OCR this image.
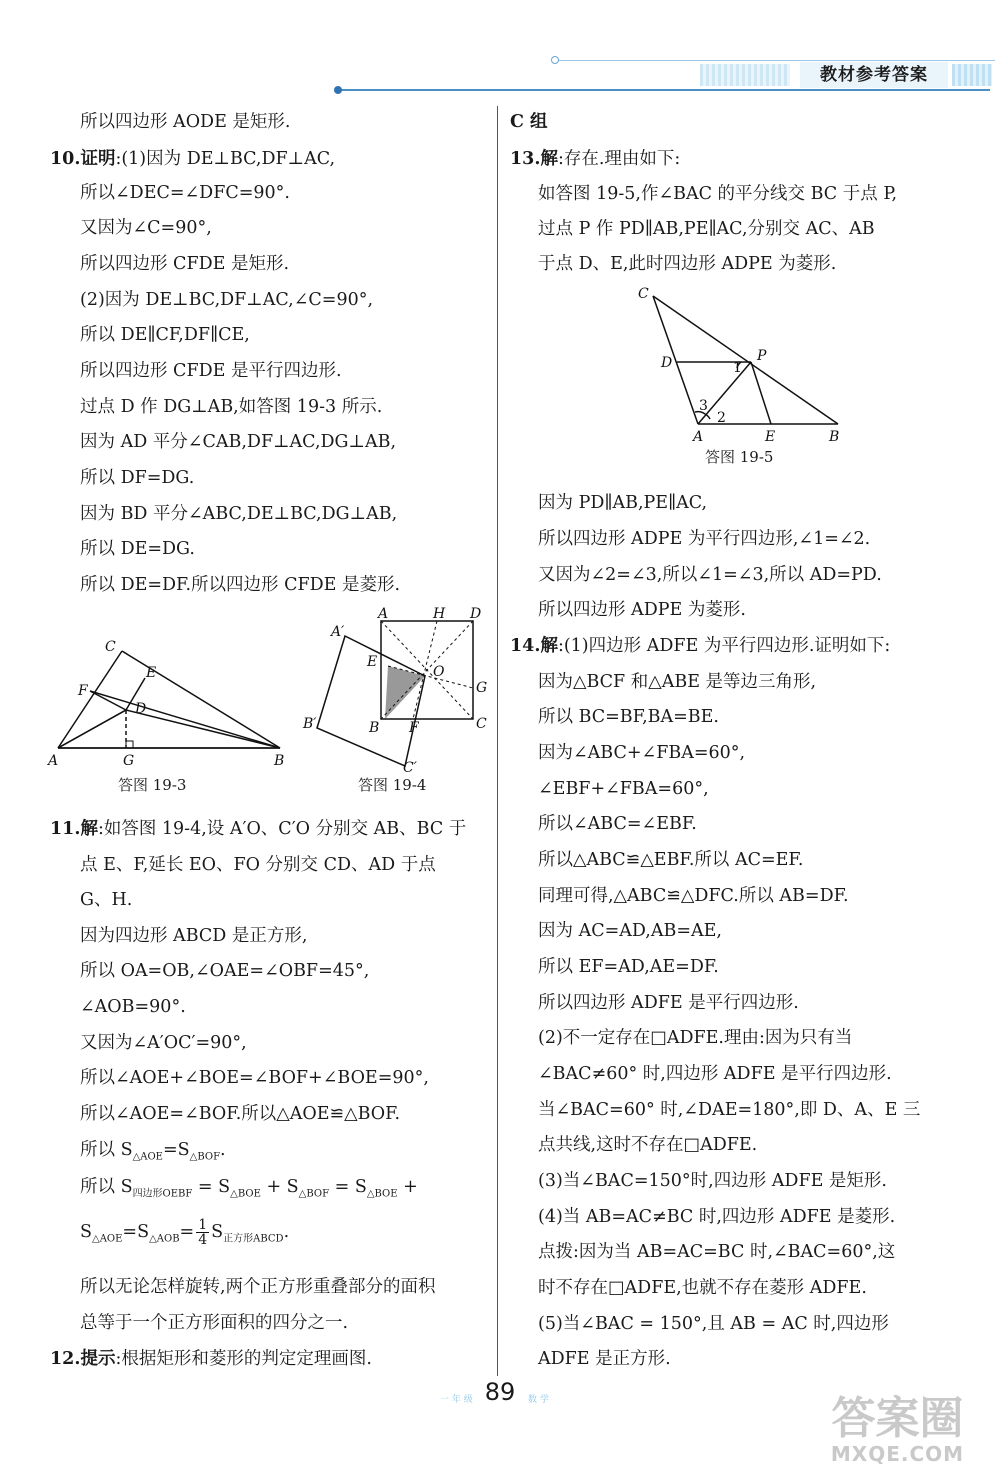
教材参考答案
所以四边形 AODE 是矩形.
10.证明:(1)因为 DE⊥BC,DF⊥AC,
所以∠DEC=∠DFC=90°.
又因为∠C=90°,
所以四边形 CFDE 是矩形.
(2)因为 DE⊥BC,DF⊥AC,∠C=90°,
所以 DE∥CF,DF∥CE,
所以四边形 CFDE 是平行四边形.
过点 D 作 DG⊥AB,如答图 19-3 所示.
因为 AD 平分∠CAB,DF⊥AC,DG⊥AB,
所以 DF=DG.
因为 BD 平分∠ABC,DE⊥BC,DG⊥AB,
所以 DE=DG.
所以 DE=DF.所以四边形 CFDE 是菱形.
C
E
F
D
A	G	B
答图 19-3
A	H D
A′
E
O
G
B′	B F	C
C′
答图 19-4
11.解:如答图 19-4,设 A′O、C′O 分别交 AB、BC 于
点 E、F,延长 EO、FO 分别交 CD、AD 于点
G、H.
因为四边形 ABCD 是正方形,
所以 OA=OB,∠OAE=∠OBF=45°,
∠AOB=90°.
又因为∠A′OC′=90°,
所以∠AOE+∠BOE=∠BOF+∠BOE=90°,
所以∠AOE=∠BOF.所以△AOE≌△BOF.
所以 $S_{\triangle AOE}=S_{\triangle BOF}$.
所以 $S_{四边形OEBF} = S_{\triangle BOE} + S_{\triangle BOF} = S_{\triangle BOE}$ +
$S_{\triangle AOE}=S_{\triangle AOB}= \frac{1}{4} S_{正方形ABCD}$.
所以无论怎样旋转,两个正方形重叠部分的面积
总等于一个正方形面积的四分之一.
12.提示:根据矩形和菱形的判定定理画图.
C 组
13.解:存在.理由如下:
如答图 19-5,作∠BAC 的平分线交 BC 于点 P,
过点 P 作 PD∥AB,PE∥AC,分别交 AC、AB
于点 D、E,此时四边形 ADPE 为菱形.
C
P
D	1
3
2
A	E	B
答图 19-5
因为 PD∥AB,PE∥AC,
所以四边形 ADPE 为平行四边形,∠1=∠2.
又因为∠2=∠3,所以∠1=∠3,所以 AD=PD.
所以四边形 ADPE 为菱形.
14.解:(1)四边形 ADFE 为平行四边形.证明如下:
因为△BCF 和△ABE 是等边三角形,
所以 BC=BF,BA=BE.
因为∠ABC+∠FBA=60°,
∠EBF+∠FBA=60°,
所以∠ABC=∠EBF.
所以△ABC≌△EBF.所以 AC=EF.
同理可得,△ABC≌△DFC.所以 AB=DF.
因为 AC=AD,AB=AE,
所以 EF=AD,AE=DF.
所以四边形 ADFE 是平行四边形.
(2)不一定存在□ADFE.理由:因为只有当
∠BAC≠60° 时,四边形 ADFE 是平行四边形.
当∠BAC=60° 时,∠DAE=180°,即 D、A、E 三
点共线,这时不存在□ADFE.
(3)当∠BAC=150°时,四边形 ADFE 是矩形.
(4)当 AB=AC≠BC 时,四边形 ADFE 是菱形.
点拨:因为当 AB=AC=BC 时,∠BAC=60°,这
时不存在□ADFE,也就不存在菱形 ADFE.
(5)当∠BAC = 150°,且 AB = AC 时,四边形
ADFE 是正方形.
一 年 级 89	数 学	答案圈
MXQE.COM
